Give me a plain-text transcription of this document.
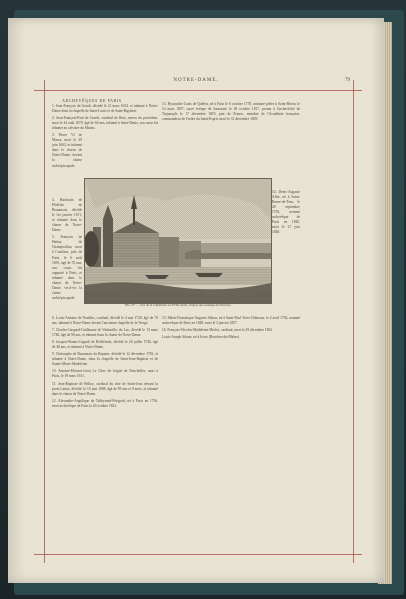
NOTRE-DAME.	79
ARCHEVÊQUES DE PARIS

1. Jean-François de Gondi, décédé le 21 mars 1654, et inhumé à Notre-Dame dans la chapelle de Saint-Louis et de Saint-Rigobert.

2. Jean-François-Paul de Gondi, cardinal de Retz, neveu du précédent, mort le 24 août 1679, âgé de 66 ans, inhumé à Saint-Denis; son cœur fut inhumé au calvaire du Marais.

3. Pierre VI de Marca, mort le 29 juin 1662, et inhumé dans le chœur de Notre-Dame, devant la chaise archiépiscopale.

4. Hardouin de Péréfixe de Beaumont, décédé le 1er janvier 1671, et inhumé dans le chœur de Notre-Dame.

5. François de Harlay de Champvallon, mort à Conflans, près de Paris, le 6 août 1695, âgé de 70 ans, son corps fut rapporté à Paris, et inhumé dans le chœur de Notre-Dame, vis-à-vis la chaire archiépiscopale.

6. Louis-Antoine de Noailles, cardinal, décédé le 4 mai 1729, âgé de 78 ans, inhumé à Notre-Dame devant l'ancienne chapelle de la Vierge.

7. Charles-Gaspard-Guillaume de Vintimille, du Luc, décédé le 13 mars 1746, âgé de 90 ans, et inhumé dans le chœur de Notre-Dame.

8. Jacques-Bonne-Gigault de Bellefonds, décédé le 20 juillet 1746, âgé de 48 ans, et inhumé à Notre-Dame.

9. Christophe de Beaumont du Repaire, décédé le 12 décembre 1781, et inhumé à Notre-Dame, dans la chapelle de Saint-Jean-Baptiste et de Sainte-Marie-Madeleine.

10. Antoine-Eléonor-Léon Le Clerc de Juigné de Neuchelles, mort à Paris, le 19 mars 1811.

11. Jean-Baptiste de Belloy, cardinal du titre de Saint-Jean devant la porte Latine, décédé, le 10 juin 1808, âgé de 99 ans et 9 mois, et inhumé dans le chœur de Notre-Dame.

12. Alexandre-Angélique de Talleyrand-Périgord, né à Paris en 1736, mort archevêque de Paris le 20 octobre 1821.

13. Hyacinthe-Louis de Quélen, né à Paris le 8 octobre 1778, ordonné prêtre à Saint-Brieuc le 14 mars 1807, sacré évêque de Samosate le 28 octobre 1817, promu à l'archevêché de Trajanople le 17 décembre 1819, pair de France, membre de l'Académie française, commandeur de l'ordre du Saint-Esprit, mort le 31 décembre 1839.

14. Denis-Auguste Affre, né à Saint-Rome-de-Tarn, le 28 septembre 1793, nommé archevêque de Paris en 1840, mort le 27 juin 1848.

15. Marie-Dominique-Auguste Sibour, né à Saint-Paul-Trois-Châteaux, le 4 avril 1792, nommé archevêque de Paris en 1848, mort le 3 janvier 1857.

16. François-Nicolas-Madeleine Morlot, cardinal, mort le 29 décembre 1862.

Louis-Joseph Sibour, né à Istres (Bouches-du-Rhône).

FIG. 27. — Vue de la Cathédrale au XVIIe siècle, d'après une estampe de Silvestre.
